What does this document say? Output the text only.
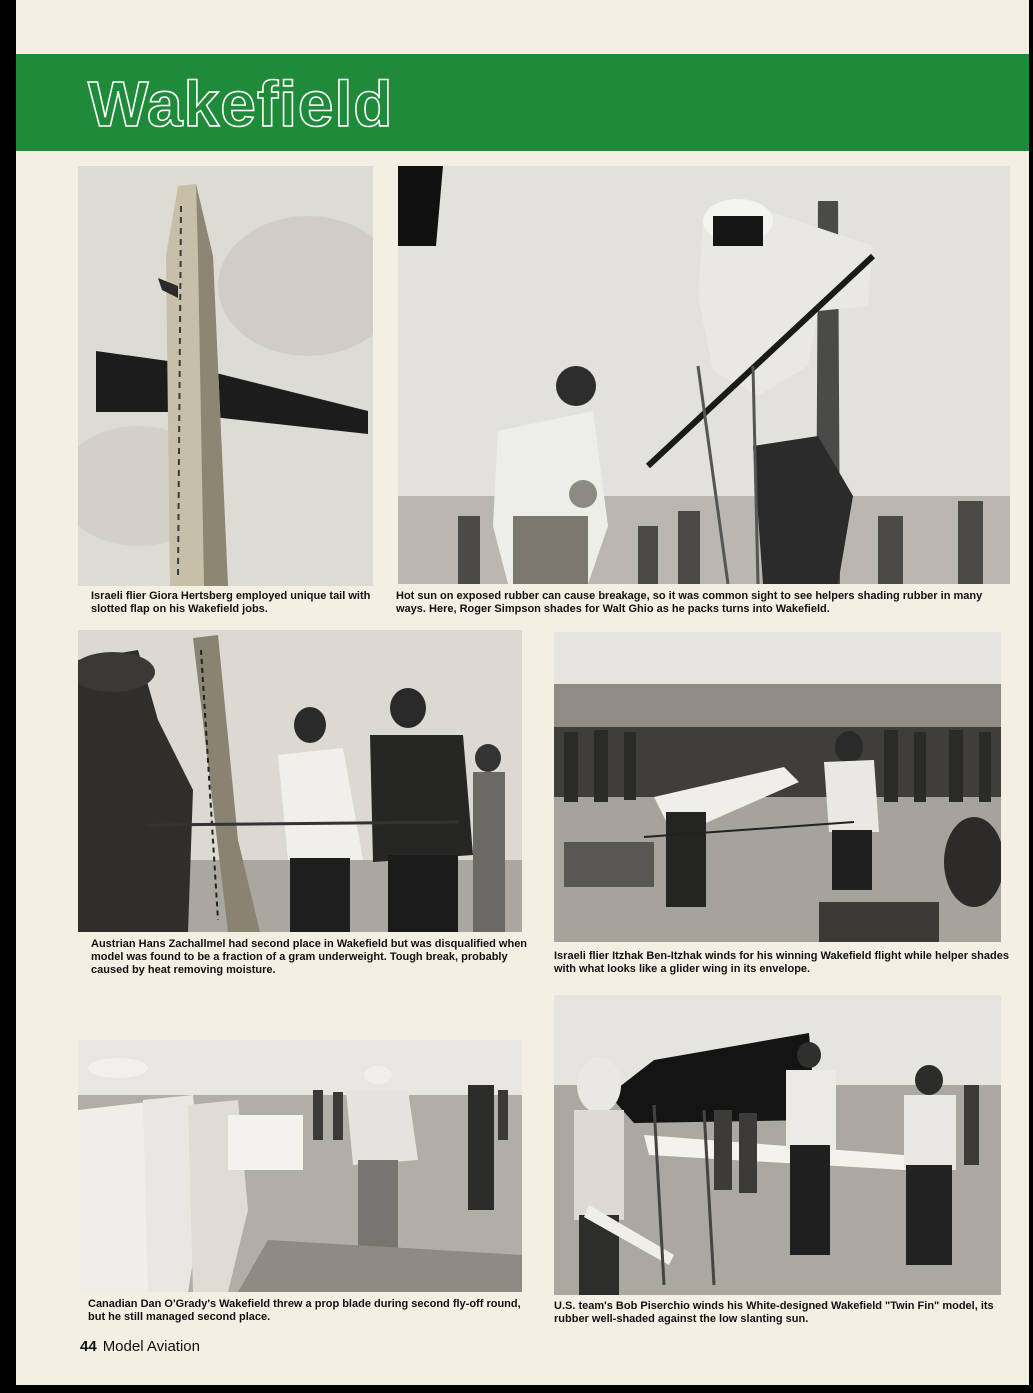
Wakefield
Israeli flier Giora Hertsberg employed unique tail with slotted flap on his Wakefield jobs.
Hot sun on exposed rubber can cause breakage, so it was common sight to see helpers shading rubber in many ways. Here, Roger Simpson shades for Walt Ghio as he packs turns into Wakefield.
Austrian Hans Zachallmel had second place in Wakefield but was disqualified when model was found to be a fraction of a gram underweight. Tough break, probably caused by heat removing moisture.
Israeli flier Itzhak Ben-Itzhak winds for his winning Wakefield flight while helper shades with what looks like a glider wing in its envelope.
Canadian Dan O'Grady's Wakefield threw a prop blade during second fly-off round, but he still managed second place.
U.S. team's Bob Piserchio winds his White-designed Wakefield "Twin Fin" model, its rubber well-shaded against the low slanting sun.
44 Model Aviation
